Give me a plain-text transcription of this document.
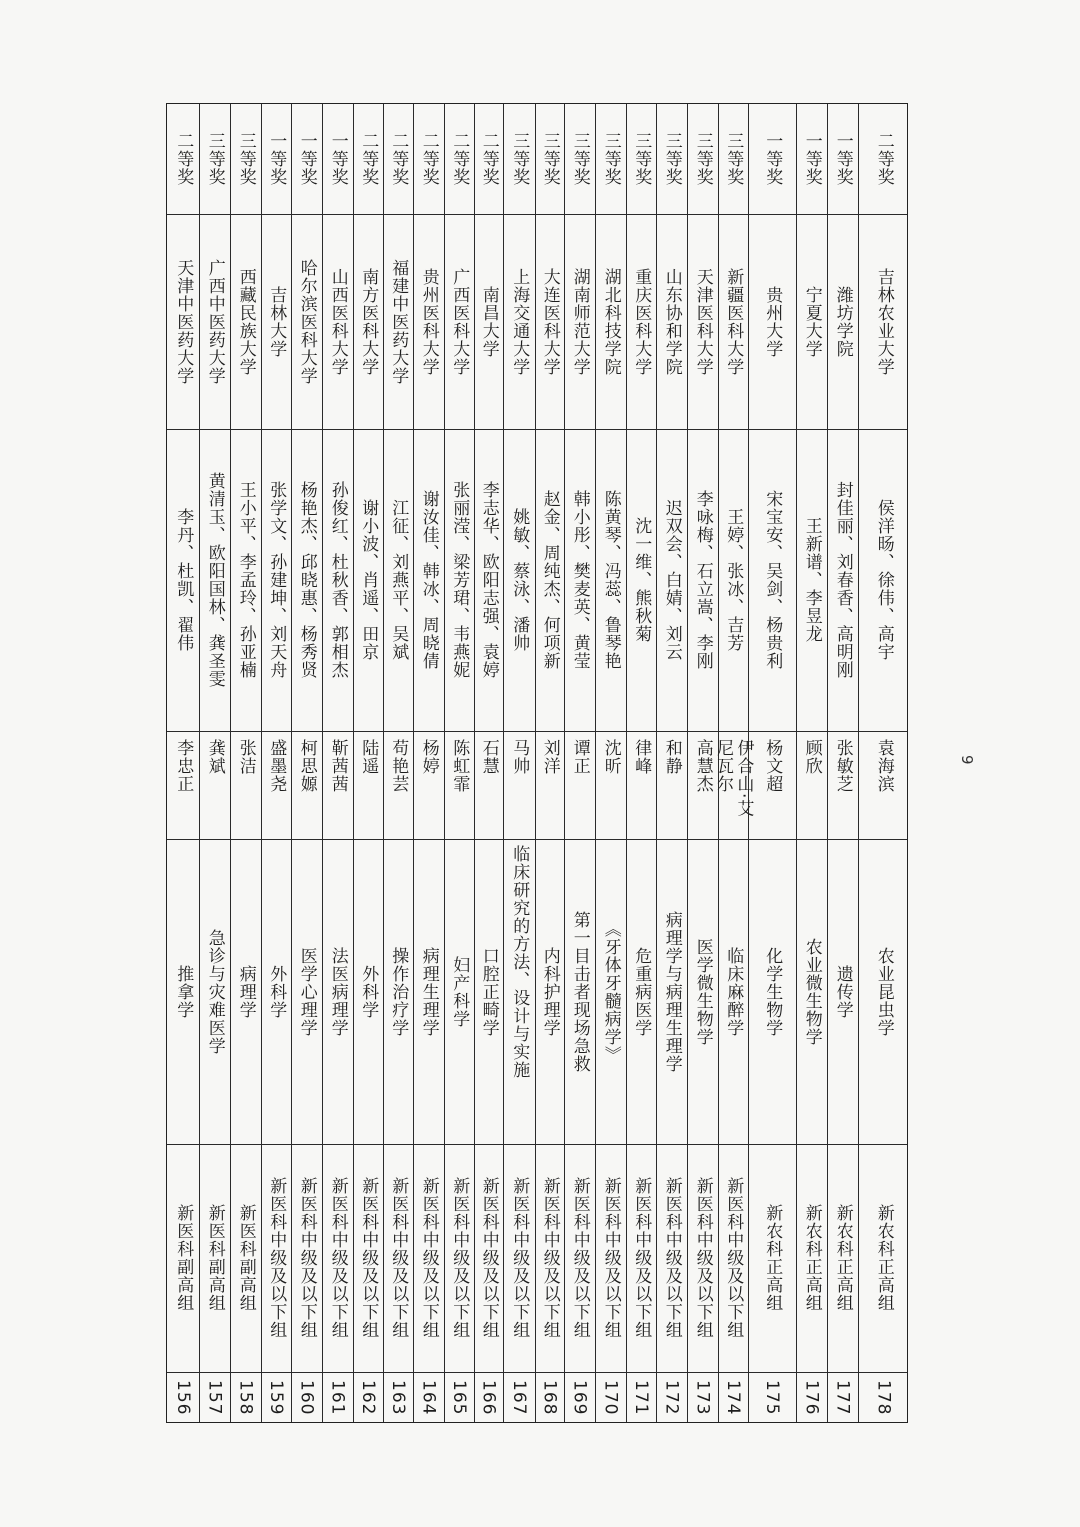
二等奖
天津中医药大学
李丹、杜凯、翟伟
李忠正
推拿学
新医科副高组
156
三等奖
广西中医药大学
黄清玉、欧阳国林、龚圣雯
龚斌
急诊与灾难医学
新医科副高组
157
三等奖
西藏民族大学
王小平、李孟玲、孙亚楠
张洁
病理学
新医科副高组
158
一等奖
吉林大学
张学文、孙建坤、刘天舟
盛墨尧
外科学
新医科中级及以下组
159
一等奖
哈尔滨医科大学
杨艳杰、邱晓惠、杨秀贤
柯思嫄
医学心理学
新医科中级及以下组
160
一等奖
山西医科大学
孙俊红、杜秋香、郭相杰
靳茜茜
法医病理学
新医科中级及以下组
161
二等奖
南方医科大学
谢小波、肖遥、田京
陆遥
外科学
新医科中级及以下组
162
二等奖
福建中医药大学
江征、刘燕平、吴斌
苟艳芸
操作治疗学
新医科中级及以下组
163
二等奖
贵州医科大学
谢汝佳、韩冰、周晓倩
杨婷
病理生理学
新医科中级及以下组
164
二等奖
广西医科大学
张丽滢、梁芳珺、韦燕妮
陈虹霏
妇产科学
新医科中级及以下组
165
二等奖
南昌大学
李志华、欧阳志强、袁婷
石慧
口腔正畸学
新医科中级及以下组
166
三等奖
上海交通大学
姚敏、蔡泳、潘帅
马帅
临床研究的方法、设计与实施
新医科中级及以下组
167
三等奖
大连医科大学
赵金、周纯杰、何项新
刘洋
内科护理学
新医科中级及以下组
168
三等奖
湖南师范大学
韩小彤、樊麦英、黄莹
谭正
第一目击者现场急救
新医科中级及以下组
169
三等奖
湖北科技学院
陈黄琴、冯蕊、鲁琴艳
沈昕
《牙体牙髓病学》
新医科中级及以下组
170
三等奖
重庆医科大学
沈一维、熊秋菊
律峰
危重病医学
新医科中级及以下组
171
三等奖
山东协和学院
迟双会、白婧、刘云
和静
病理学与病理生理学
新医科中级及以下组
172
三等奖
天津医科大学
李咏梅、石立嵩、李刚
高慧杰
医学微生物学
新医科中级及以下组
173
三等奖
新疆医科大学
王婷、张冰、吉芳
伊合山·艾尼瓦尔
临床麻醉学
新医科中级及以下组
174
一等奖
贵州大学
宋宝安、吴剑、杨贵利
杨文超
化学生物学
新农科正高组
175
一等奖
宁夏大学
王新谱、李昱龙
顾欣
农业微生物学
新农科正高组
176
一等奖
潍坊学院
封佳丽、刘春香、高明刚
张敏芝
遗传学
新农科正高组
177
二等奖
吉林农业大学
侯洋旸、徐伟、高宇
袁海滨
农业昆虫学
新农科正高组
178
9
